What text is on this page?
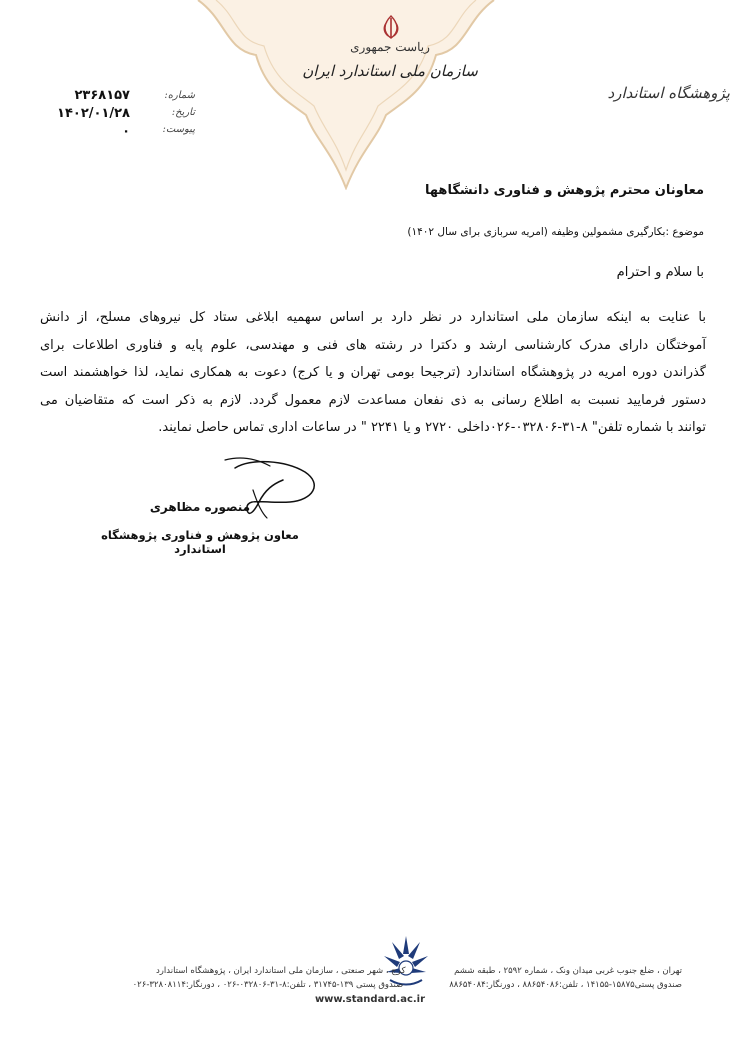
ریاست جمهوری
سازمان ملی استاندارد ایران
پژوهشگاه استاندارد
شماره:
تاریخ:
پیوست:
۲۳۶۸۱۵۷
۱۴۰۲/۰۱/۲۸
۰
معاونان محترم پژوهش و فناوری دانشگاهها
موضوع :بکارگیری مشمولین وظیفه (امریه سربازی برای سال ۱۴۰۲)
با سلام و احترام
با عنایت به اینکه سازمان ملی استاندارد در نظر دارد بر اساس سهمیه ابلاغی ستاد کل نیروهای مسلح، از دانش
آموختگان دارای مدرک کارشناسی ارشد و دکترا در رشته های فنی و مهندسی، علوم پایه و فناوری اطلاعات برای
گذراندن دوره امریه در پژوهشگاه استاندارد (ترجیحا بومی تهران و یا کرج) دعوت به همکاری نماید، لذا خواهشمند است
دستور فرمایید نسبت به اطلاع رسانی به ذی نفعان مساعدت لازم معمول گردد. لازم به ذکر است که متقاضیان می
توانند با شماره تلفن" ۸-۳۱-۰۳۲۸۰۶-۰۲۶داخلی ۲۷۲۰ و یا ۲۲۴۱ " در ساعات اداری تماس حاصل نمایند.
منصوره مظاهری
معاون پژوهش و فناوری پژوهشگاه استاندارد
تهران ، ضلع جنوب غربی میدان ونک ، شماره ۲۵۹۲ ، طبقه ششم                  کرج ، شهر صنعتی ، سازمان ملی استاندارد ایران ، پژوهشگاه استاندارد
صندوق پستی۱۵۸۷۵-۱۴۱۵۵ ، تلفن:۸۸۶۵۴۰۸۶ ، دورنگار:۸۸۶۵۴۰۸۴                 صندوق پستی ۱۳۹-۳۱۷۴۵ ، تلفن:۸-۳۱-۰۳۲۸۰۶-۰۲۶ ، دورنگار:۳۲۸۰۸۱۱۴-۰۲۶
www.standard.ac.ir
